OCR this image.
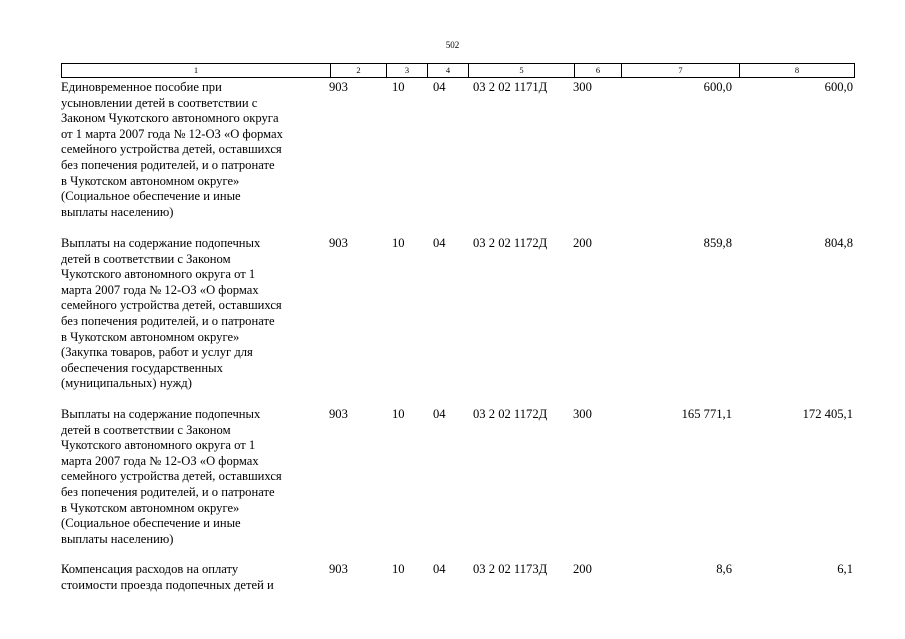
502
1	2	3	4	5	6	7	8
Единовременное пособие при
усыновлении детей в соответствии с
Законом Чукотского автономного округа
от 1 марта 2007 года № 12-ОЗ «О формах
семейного устройства детей, оставшихся
без попечения родителей, и о патронате
в Чукотском автономном округе»
(Социальное обеспечение и иные
выплаты населению)
903	10	04	03 2 02 1171Д	300	600,0	600,0
Выплаты на содержание подопечных
детей в соответствии с Законом
Чукотского автономного округа от 1
марта 2007 года № 12-ОЗ «О формах
семейного устройства детей, оставшихся
без попечения родителей, и о патронате
в Чукотском автономном округе»
(Закупка товаров, работ и услуг для
обеспечения государственных
(муниципальных) нужд)
903	10	04	03 2 02 1172Д	200	859,8	804,8
Выплаты на содержание подопечных
детей в соответствии с Законом
Чукотского автономного округа от 1
марта 2007 года № 12-ОЗ «О формах
семейного устройства детей, оставшихся
без попечения родителей, и о патронате
в Чукотском автономном округе»
(Социальное обеспечение и иные
выплаты населению)
903	10	04	03 2 02 1172Д	300	165 771,1	172 405,1
Компенсация расходов на оплату
стоимости проезда подопечных детей и
903	10	04	03 2 02 1173Д	200	8,6	6,1
